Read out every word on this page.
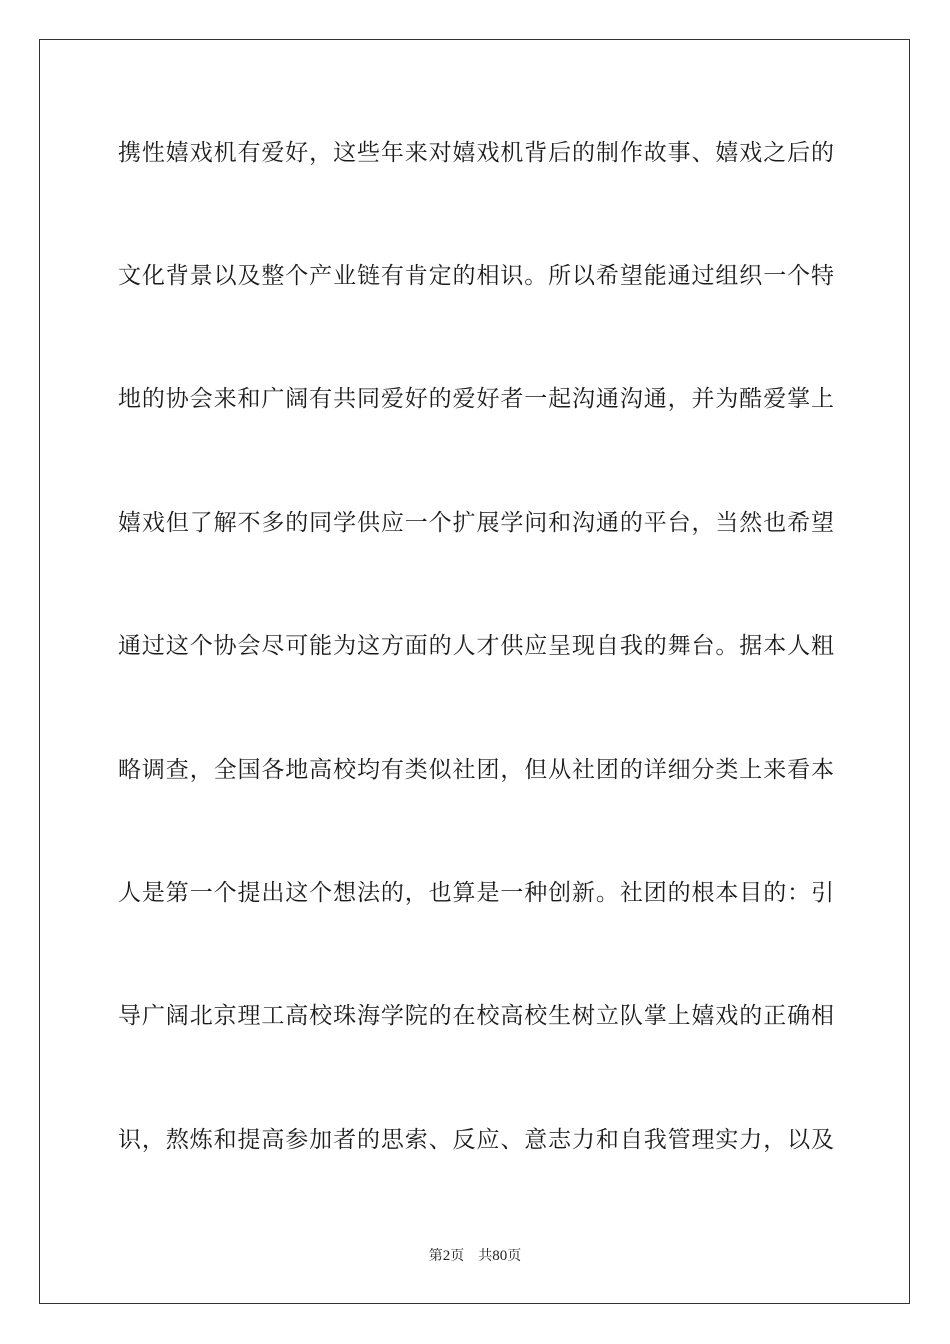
携性嬉戏机有爱好，这些年来对嬉戏机背后的制作故事、嬉戏之后的
文化背景以及整个产业链有肯定的相识。所以希望能通过组织一个特
地的协会来和广阔有共同爱好的爱好者一起沟通沟通，并为酷爱掌上
嬉戏但了解不多的同学供应一个扩展学问和沟通的平台，当然也希望
通过这个协会尽可能为这方面的人才供应呈现自我的舞台。据本人粗
略调查，全国各地高校均有类似社团，但从社团的详细分类上来看本
人是第一个提出这个想法的，也算是一种创新。社团的根本目的：引
导广阔北京理工高校珠海学院的在校高校生树立队掌上嬉戏的正确相
识，熬炼和提高参加者的思索、反应、意志力和自我管理实力，以及
第2页 共80页
